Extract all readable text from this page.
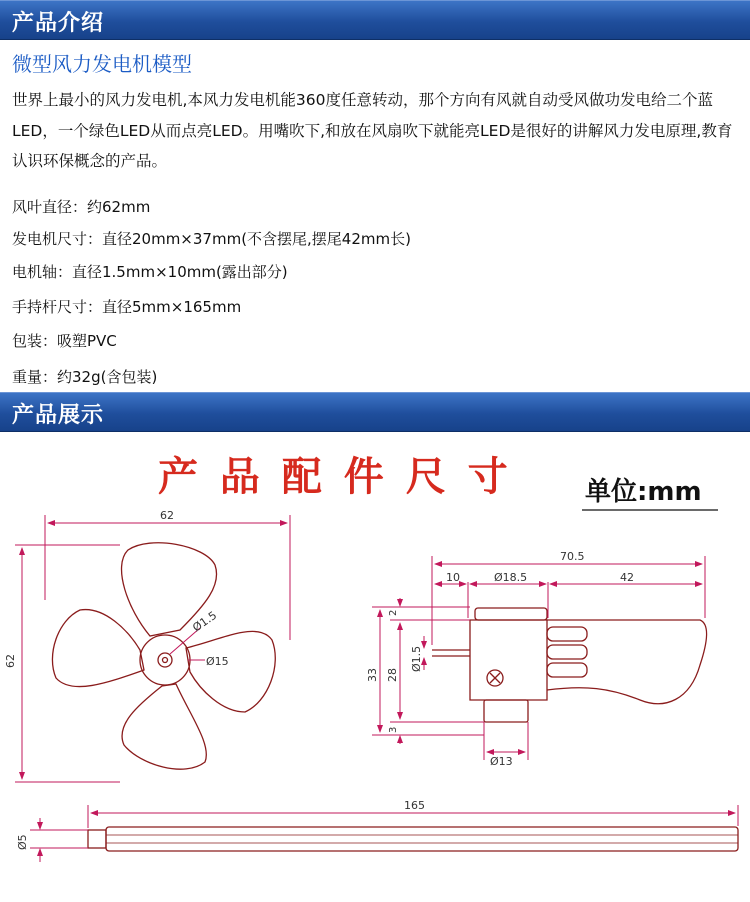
产品介绍
微型风力发电机模型

世界上最小的风力发电机,本风力发电机能360度任意转动，那个方向有风就自动受风做功发电给二个蓝LED，一个绿色LED从而点亮LED。用嘴吹下,和放在风扇吹下就能亮LED是很好的讲解风力发电原理,教育认识环保概念的产品。

风叶直径：约62mm

发电机尺寸：直径20mm×37mm(不含摆尾,摆尾42mm长)

电机轴：直径1.5mm×10mm(露出部分)

手持杆尺寸：直径5mm×165mm

包装：吸塑PVC

重量：约32g(含包装)

产品展示
产 品 配 件 尺 寸	单位:mm
62
62
Ø1.5
Ø15
70.5
10	Ø18.5	42
33 28
2
3
Ø1.5
Ø13
165
Ø5
